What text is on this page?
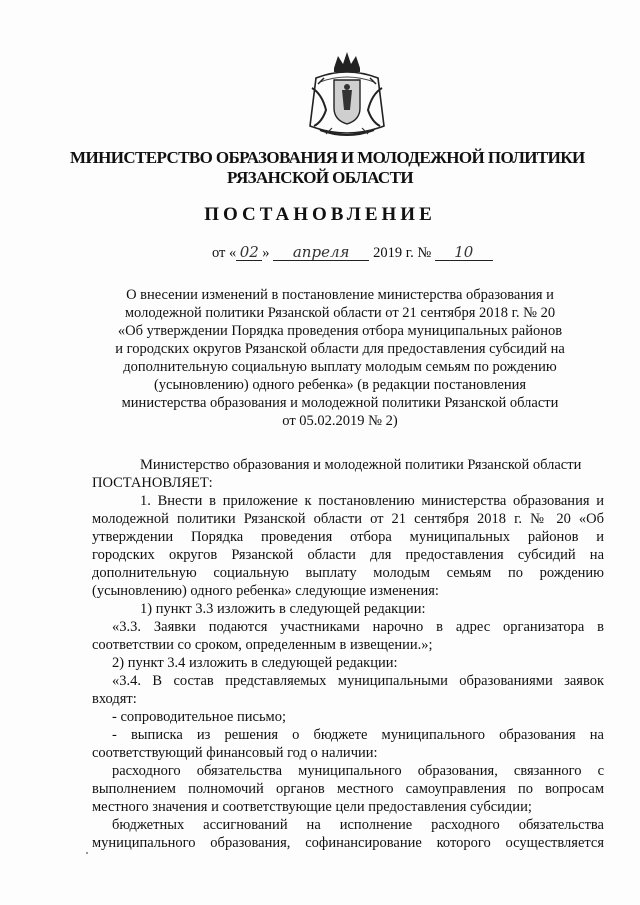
МИНИСТЕРСТВО ОБРАЗОВАНИЯ И МОЛОДЕЖНОЙ ПОЛИТИКИ
РЯЗАНСКОЙ ОБЛАСТИ
ПОСТАНОВЛЕНИЕ
от « 02 » апреля 2019 г. № 10
О внесении изменений в постановление министерства образования и
молодежной политики Рязанской области от 21 сентября 2018 г. № 20
«Об утверждении Порядка проведения отбора муниципальных районов
и городских округов Рязанской области для предоставления субсидий на
дополнительную социальную выплату молодым семьям по рождению
(усыновлению) одного ребенка» (в редакции постановления
министерства образования и молодежной политики Рязанской области
от 05.02.2019 № 2)
Министерство образования и молодежной политики Рязанской области
ПОСТАНОВЛЯЕТ:
1. Внести в приложение к постановлению министерства образования и
молодежной политики Рязанской области от 21 сентября 2018 г. № 20 «Об
утверждении Порядка проведения отбора муниципальных районов и
городских округов Рязанской области для предоставления субсидий на
дополнительную социальную выплату молодым семьям по рождению
(усыновлению) одного ребенка» следующие изменения:
1) пункт 3.3 изложить в следующей редакции:
«3.3. Заявки подаются участниками нарочно в адрес организатора в
соответствии со сроком, определенным в извещении.»;
2) пункт 3.4 изложить в следующей редакции:
«3.4. В состав представляемых муниципальными образованиями заявок
входят:
- сопроводительное письмо;
- выписка из решения о бюджете муниципального образования на
соответствующий финансовый год о наличии:
расходного обязательства муниципального образования, связанного с
выполнением полномочий органов местного самоуправления по вопросам
местного значения и соответствующие цели предоставления субсидии;
бюджетных ассигнований на исполнение расходного обязательства
муниципального образования, софинансирование которого осуществляется
